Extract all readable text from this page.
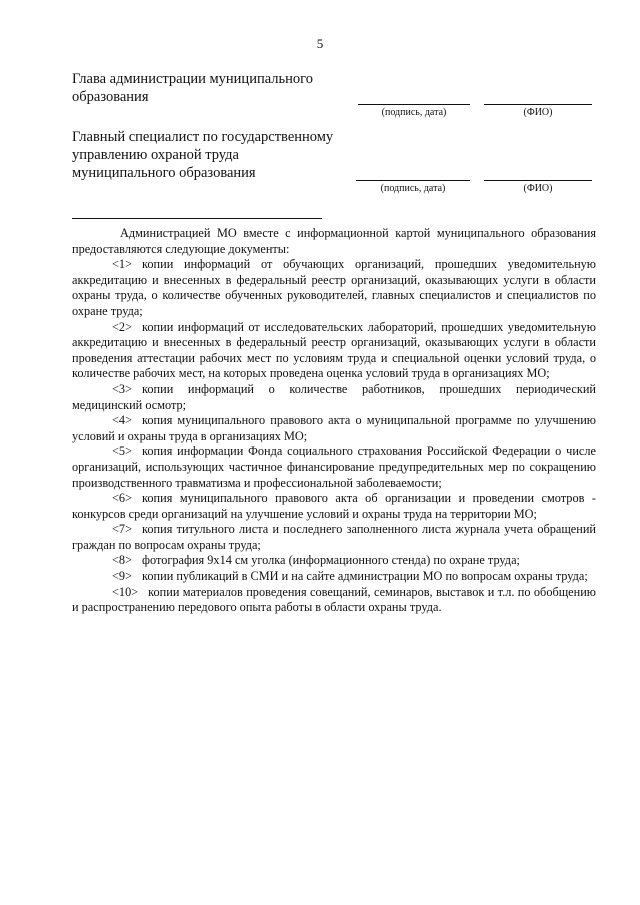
5
Глава администрации муниципального
образования
(подпись, дата)	(ФИО)
Главный специалист по государственному
управлению охраной труда
муниципального образования
(подпись, дата)	(ФИО)

Администрацией МО вместе с информационной картой муниципального образования предоставляются следующие документы:

<1> копии информаций от обучающих организаций, прошедших уведомительную аккредитацию и внесенных в федеральный реестр организаций, оказывающих услуги в области охраны труда, о количестве обученных руководителей, главных специалистов и специалистов по охране труда;

<2> копии информаций от исследовательских лабораторий, прошедших уведомительную аккредитацию и внесенных в федеральный реестр организаций, оказывающих услуги в области проведения аттестации рабочих мест по условиям труда и специальной оценки условий труда, о количестве рабочих мест, на которых проведена оценка условий труда в организациях МО;

<3> копии информаций о количестве работников, прошедших периодический медицинский осмотр;

<4> копия муниципального правового акта о муниципальной программе по улучшению условий и охраны труда в организациях МО;

<5> копия информации Фонда социального страхования Российской Федерации о числе организаций, использующих частичное финансирование предупредительных мер по сокращению производственного травматизма и профессиональной заболеваемости;

<6> копия муниципального правового акта об организации и проведении смотров - конкурсов среди организаций на улучшение условий и охраны труда на территории МО;

<7> копия титульного листа и последнего заполненного листа журнала учета обращений граждан по вопросам охраны труда;

<8> фотография 9х14 см уголка (информационного стенда) по охране труда;

<9> копии публикаций в СМИ и на сайте администрации МО по вопросам охраны труда;

<10> копии материалов проведения совещаний, семинаров, выставок и т.л. по обобщению и распространению передового опыта работы в области охраны труда.
